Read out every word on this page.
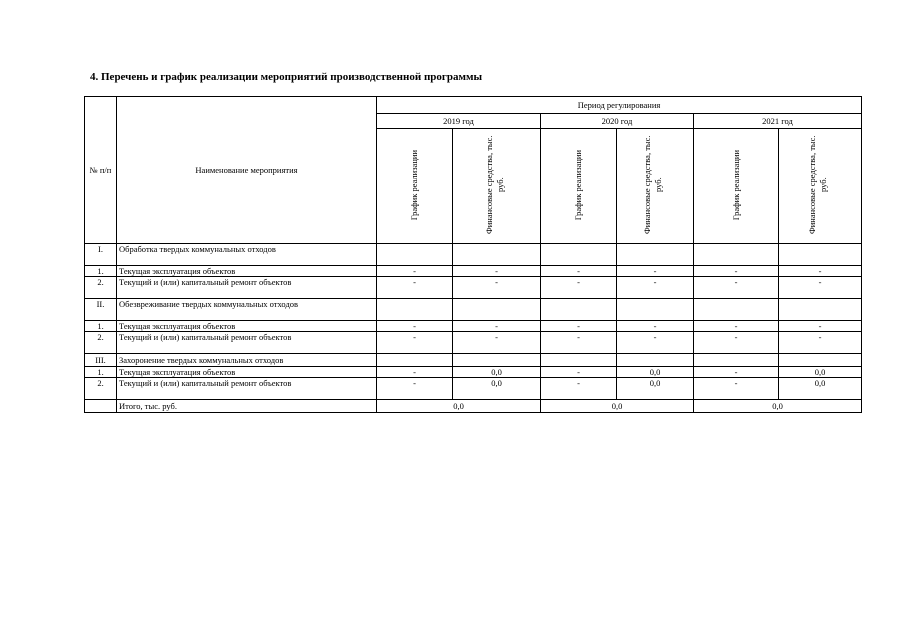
4. Перечень и график реализации мероприятий производственной программы
№ п/п	Наименование мероприятия	Период регулирования					
		2019 год		2020 год		2021 год	
		График реализации	Финансовые средства, тыс. руб.	График реализации	Финансовые средства, тыс. руб.	График реализации	Финансовые средства, тыс. руб.
I.	Обработка твердых коммунальных отходов						
1.	Текущая эксплуатация объектов	-	-	-	-	-	-
2.	Текущий и (или) капитальный ремонт объектов	-	-	-	-	-	-
II.	Обезвреживание твердых коммунальных отходов						
1.	Текущая эксплуатация объектов	-	-	-	-	-	-
2.	Текущий и (или) капитальный ремонт объектов	-	-	-	-	-	-
III.	Захоронение твердых коммунальных отходов						
1.	Текущая эксплуатация объектов	-	0,0	-	0,0	-	0,0
2.	Текущий и (или) капитальный ремонт объектов	-	0,0	-	0,0	-	0,0
	Итого, тыс. руб.	0,0		0,0		0,0	
